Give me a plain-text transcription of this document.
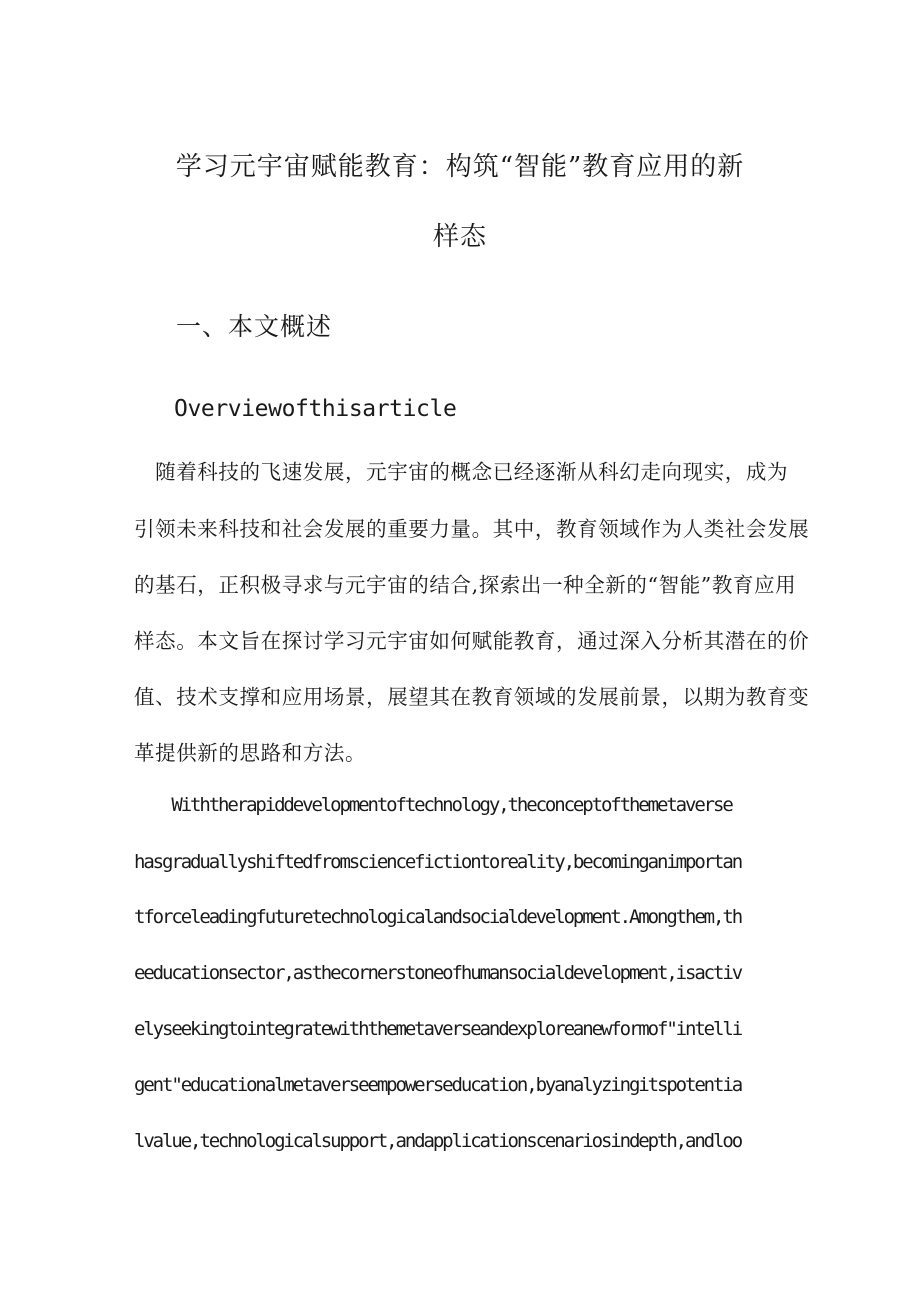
学习元宇宙赋能教育：构筑“智能”教育应用的新
样态
一、本文概述
Overviewofthisarticle
　随着科技的飞速发展，元宇宙的概念已经逐渐从科幻走向现实，成为
引领未来科技和社会发展的重要力量。其中，教育领域作为人类社会发展
的基石，正积极寻求与元宇宙的结合,探索出一种全新的“智能”教育应用
样态。本文旨在探讨学习元宇宙如何赋能教育，通过深入分析其潜在的价
值、技术支撑和应用场景，展望其在教育领域的发展前景，以期为教育变
革提供新的思路和方法。
Withtherapiddevelopmentoftechnology,theconceptofthemetaverse
hasgraduallyshiftedfromsciencefictiontoreality,becominganimportan
tforceleadingfuturetechnologicalandsocialdevelopment.Amongthem,th
eeducationsector,asthecornerstoneofhumansocialdevelopment,isactiv
elyseekingtointegratewiththemetaverseandexploreanewformof"intelli
gent"educationalmetaverseempowerseducation,byanalyzingitspotentia
lvalue,technologicalsupport,andapplicationscenariosindepth,andloo
